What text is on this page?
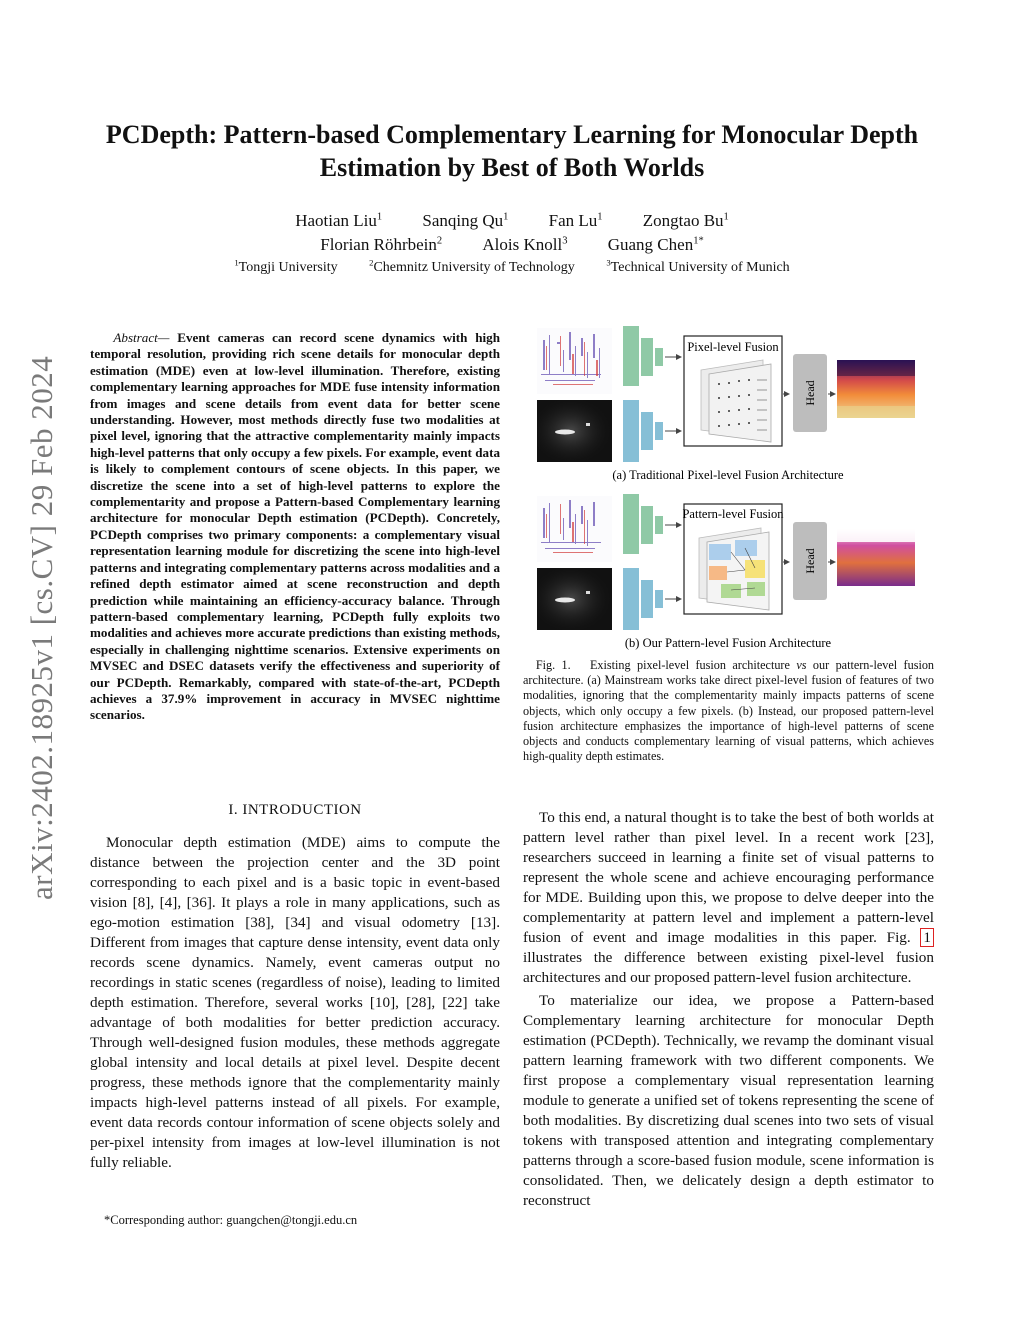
arXiv:2402.18925v1 [cs.CV] 29 Feb 2024
PCDepth: Pattern-based Complementary Learning for Monocular Depth Estimation by Best of Both Worlds
Haotian Liu$^1$ Sanqing Qu$^1$ Fan Lu$^1$ Zongtao Bu$^1$
Florian Röhrbein$^2$ Alois Knoll$^3$ Guang Chen$^{1*}$
$^1$Tongji University	$^2$Chemnitz University of Technology	$^3$Technical University of Munich
Abstract— Event cameras can record scene dynamics with high temporal resolution, providing rich scene details for monocular depth estimation (MDE) even at low-level illumination. Therefore, existing complementary learning approaches for MDE fuse intensity information from images and scene details from event data for better scene understanding. However, most methods directly fuse two modalities at pixel level, ignoring that the attractive complementarity mainly impacts high-level patterns that only occupy a few pixels. For example, event data is likely to complement contours of scene objects. In this paper, we discretize the scene into a set of high-level patterns to explore the complementarity and propose a Pattern-based Complementary learning architecture for monocular Depth estimation (PCDepth). Concretely, PCDepth comprises two primary components: a complementary visual representation learning module for discretizing the scene into high-level patterns and integrating complementary patterns across modalities and a refined depth estimator aimed at scene reconstruction and depth prediction while maintaining an efficiency-accuracy balance. Through pattern-based complementary learning, PCDepth fully exploits two modalities and achieves more accurate predictions than existing methods, especially in challenging nighttime scenarios. Extensive experiments on MVSEC and DSEC datasets verify the effectiveness and superiority of our PCDepth. Remarkably, compared with state-of-the-art, PCDepth achieves a 37.9% improvement in accuracy in MVSEC nighttime scenarios.
I. INTRODUCTION

Monocular depth estimation (MDE) aims to compute the distance between the projection center and the 3D point corresponding to each pixel and is a basic topic in event-based vision [8], [4], [36]. It plays a role in many applications, such as ego-motion estimation [38], [34] and visual odometry [13]. Different from images that capture dense intensity, event data only records scene dynamics. Namely, event cameras output no recordings in static scenes (regardless of noise), leading to limited depth estimation. Therefore, several works [10], [28], [22] take advantage of both modalities for better prediction accuracy. Through well-designed fusion modules, these methods aggregate global intensity and local details at pixel level. Despite decent progress, these methods ignore that the complementarity mainly impacts high-level patterns instead of all pixels. For example, event data records contour information of scene objects solely and per-pixel intensity from images at low-level illumination is not fully reliable.

*Corresponding author: guangchen@tongji.edu.cn
Pixel-level Fusion
Head
(a) Traditional Pixel-level Fusion Architecture
Pattern-level Fusion
Head
(b) Our Pattern-level Fusion Architecture
Fig. 1. Existing pixel-level fusion architecture vs our pattern-level fusion architecture. (a) Mainstream works take direct pixel-level fusion of features of two modalities, ignoring that the complementarity mainly impacts patterns of scene objects, which only occupy a few pixels. (b) Instead, our proposed pattern-level fusion architecture emphasizes the importance of high-level patterns of scene objects and conducts complementary learning of visual patterns, which achieves high-quality depth estimates.

To this end, a natural thought is to take the best of both worlds at pattern level rather than pixel level. In a recent work [23], researchers succeed in learning a finite set of visual patterns to represent the whole scene and achieve encouraging performance for MDE. Building upon this, we propose to delve deeper into the complementarity at pattern level and implement a pattern-level fusion of event and image modalities in this paper. Fig. 1 illustrates the difference between existing pixel-level fusion architectures and our proposed pattern-level fusion architecture.

To materialize our idea, we propose a Pattern-based Complementary learning architecture for monocular Depth estimation (PCDepth). Technically, we revamp the dominant visual pattern learning framework with two different components. We first propose a complementary visual representation learning module to generate a unified set of tokens representing the scene of both modalities. By discretizing dual scenes into two sets of visual tokens with transposed attention and integrating complementary patterns through a score-based fusion module, scene information is consolidated. Then, we delicately design a depth estimator to reconstruct
